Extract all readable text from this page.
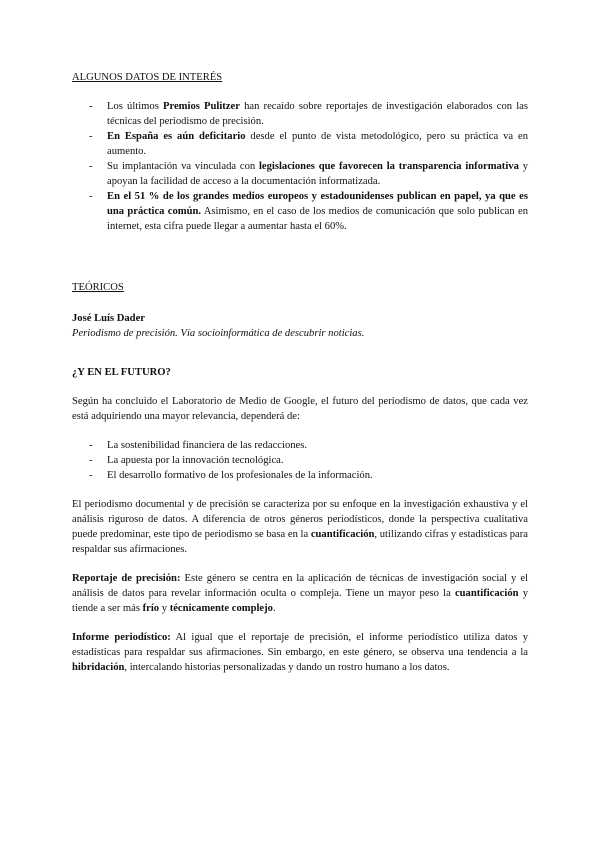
ALGUNOS DATOS DE INTERÉS

- Los últimos Premios Pulitzer han recaído sobre reportajes de investigación elaborados con las técnicas del periodismo de precisión.
- En España es aún deficitario desde el punto de vista metodológico, pero su práctica va en aumento.
- Su implantación va vinculada con legislaciones que favorecen la transparencia informativa y apoyan la facilidad de acceso a la documentación informatizada.
- En el 51 % de los grandes medios europeos y estadounidenses publican en papel, ya que es una práctica común. Asimismo, en el caso de los medios de comunicación que solo publican en internet, esta cifra puede llegar a aumentar hasta el 60%.

TEÓRICOS

José Luís Dader

Periodismo de precisión. Vía socioinformática de descubrir noticias.

¿Y EN EL FUTURO?

Según ha concluido el Laboratorio de Medio de Google, el futuro del periodismo de datos, que cada vez está adquiriendo una mayor relevancia, dependerá de:

- La sostenibilidad financiera de las redacciones.
- La apuesta por la innovación tecnológica.
- El desarrollo formativo de los profesionales de la información.

El periodismo documental y de precisión se caracteriza por su enfoque en la investigación exhaustiva y el análisis riguroso de datos. A diferencia de otros géneros periodísticos, donde la perspectiva cualitativa puede predominar, este tipo de periodismo se basa en la cuantificación, utilizando cifras y estadísticas para respaldar sus afirmaciones.

Reportaje de precisión: Este género se centra en la aplicación de técnicas de investigación social y el análisis de datos para revelar información oculta o compleja. Tiene un mayor peso la cuantificación y tiende a ser más frío y técnicamente complejo.

Informe periodístico: Al igual que el reportaje de precisión, el informe periodístico utiliza datos y estadísticas para respaldar sus afirmaciones. Sin embargo, en este género, se observa una tendencia a la hibridación, intercalando historias personalizadas y dando un rostro humano a los datos.
